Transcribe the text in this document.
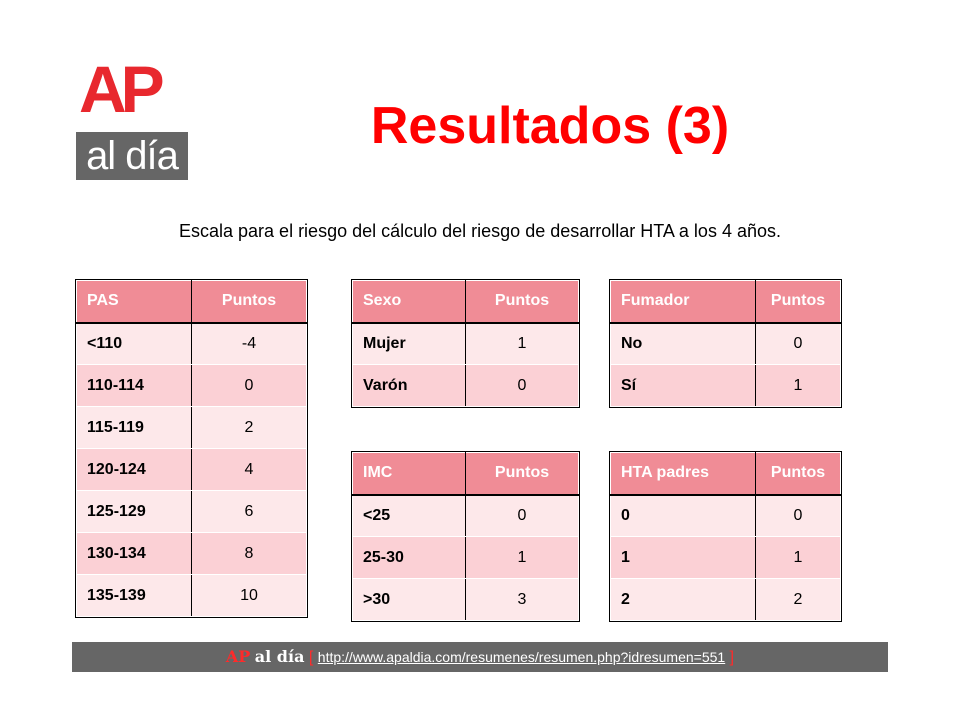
AP
al día
Resultados (3)
Escala para el riesgo del cálculo del riesgo de desarrollar HTA a los 4 años.
PAS	Puntos
<110	-4
110-114	0
115-119	2
120-124	4
125-129	6
130-134	8
135-139	10
Sexo	Puntos
Mujer	1
Varón	0
Fumador	Puntos
No	0
Sí	1
IMC	Puntos
<25	0
25-30	1
>30	3
HTA padres	Puntos
0	0
1	1
2	2
AP al día [ http://www.apaldia.com/resumenes/resumen.php?idresumen=551 ]
